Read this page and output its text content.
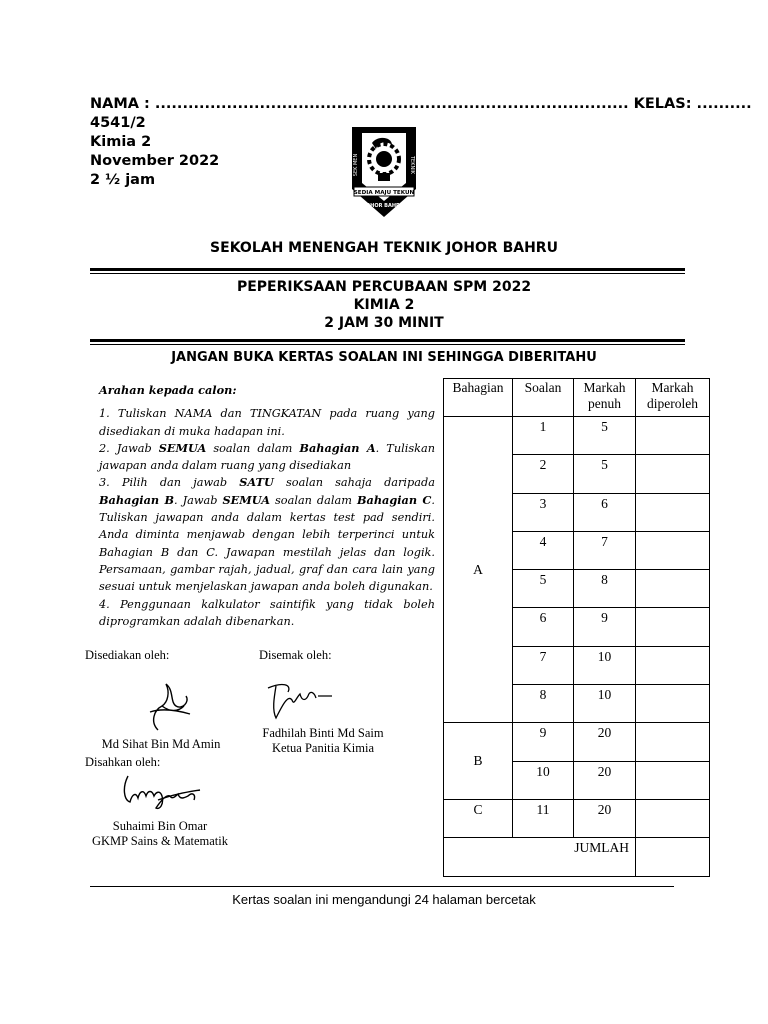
NAMA : ...................................................................................... KELAS: ..........
4541/2
Kimia 2
November 2022
2 ½ jam
SEK MEN	TEKNIK
SEDIA MAJU TEKUN
JOHOR BAHRU
SEKOLAH MENENGAH TEKNIK JOHOR BAHRU
PEPERIKSAAN PERCUBAAN SPM 2022
KIMIA 2
2 JAM 30 MINIT
JANGAN BUKA KERTAS SOALAN INI SEHINGGA DIBERITAHU
Arahan kepada calon:

1. Tuliskan NAMA dan TINGKATAN pada ruang yang disediakan di muka hadapan ini.

2. Jawab SEMUA soalan dalam Bahagian A. Tuliskan jawapan anda dalam ruang yang disediakan

3. Pilih dan jawab SATU soalan sahaja daripada Bahagian B. Jawab SEMUA soalan dalam Bahagian C. Tuliskan jawapan anda dalam kertas test pad sendiri. Anda diminta menjawab dengan lebih terperinci untuk Bahagian B dan C. Jawapan mestilah jelas dan logik. Persamaan, gambar rajah, jadual, graf dan cara lain yang sesuai untuk menjelaskan jawapan anda boleh digunakan.

4. Penggunaan kalkulator saintifik yang tidak boleh diprogramkan adalah dibenarkan.

Disediakan oleh:	Disemak oleh:
Md Sihat Bin Md Amin
Fadhilah Binti Md Saim
Ketua Panitia Kimia
Disahkan oleh:
Suhaimi Bin Omar
GKMP Sains & Matematik
Bahagian	Soalan	Markah penuh	Markah diperoleh
A	1	5	
	2	5	
	3	6	
	4	7	
	5	8	
	6	9	
	7	10	
	8	10	
B	9	20	
	10	20	
C	11	20	
JUMLAH			
Kertas soalan ini mengandungi 24 halaman bercetak
